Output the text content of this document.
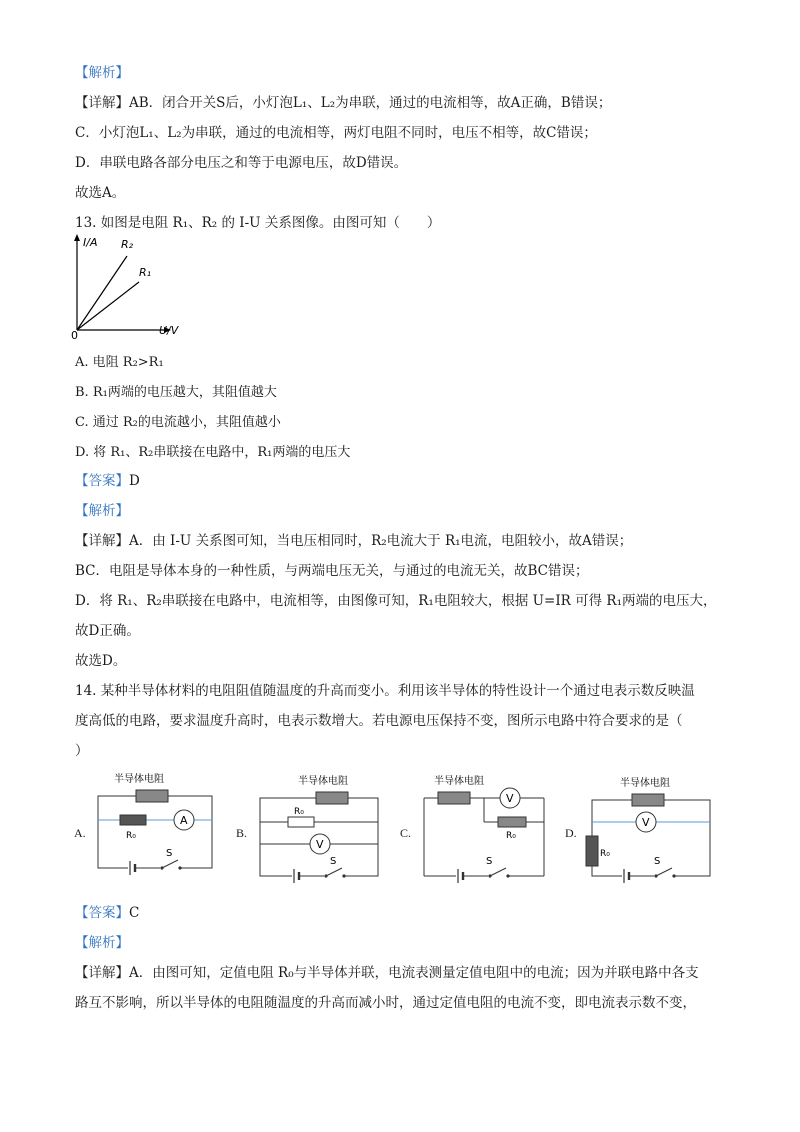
【解析】
【详解】AB．闭合开关S后，小灯泡L₁、L₂为串联，通过的电流相等，故A正确，B错误；
C．小灯泡L₁、L₂为串联，通过的电流相等，两灯电阻不同时，电压不相等，故C错误；
D．串联电路各部分电压之和等于电源电压，故D错误。
故选A。
13. 如图是电阻 R₁、R₂ 的 I-U 关系图像。由图可知（　　）
I/A R₂
R₁
0	U/V
A. 电阻 R₂>R₁
B. R₁两端的电压越大，其阻值越大
C. 通过 R₂的电流越小，其阻值越小
D. 将 R₁、R₂串联接在电路中，R₁两端的电压大
【答案】D
【解析】
【详解】A．由 I-U 关系图可知，当电压相同时，R₂电流大于 R₁电流，电阻较小，故A错误；
BC．电阻是导体本身的一种性质，与两端电压无关，与通过的电流无关，故BC错误；
D．将 R₁、R₂串联接在电路中，电流相等，由图像可知，R₁电阻较大，根据 U=IR 可得 R₁两端的电压大，
故D正确。
故选D。
14. 某种半导体材料的电阻阻值随温度的升高而变小。利用该半导体的特性设计一个通过电表示数反映温
度高低的电路，要求温度升高时，电表示数增大。若电源电压保持不变，图所示电路中符合要求的是（
）
A.
半导体电阻
R₀
A
S
B.
半导体电阻
R₀
V
S
C.
半导体电阻
V
R₀
S
D.
半导体电阻
V
R₀
S
【答案】C
【解析】
【详解】A．由图可知，定值电阻 R₀与半导体并联，电流表测量定值电阻中的电流；因为并联电路中各支
路互不影响，所以半导体的电阻随温度的升高而减小时，通过定值电阻的电流不变，即电流表示数不变，
